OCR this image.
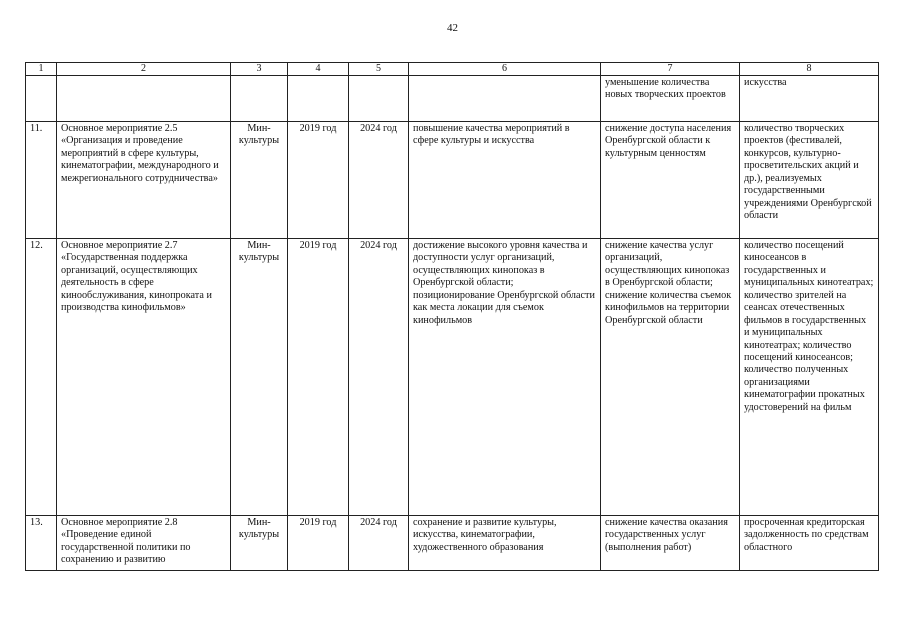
42
1	2	3	4	5	6	7	8
						уменьшение количества новых творческих проектов	искусства
11.	Основное мероприятие 2.5 «Организация и проведение мероприятий в сфере культуры, кинематографии, международного и межрегионального сотрудничества»	Мин-культуры	2019 год	2024 год	повышение качества мероприятий в сфере культуры и искусства	снижение доступа населения Оренбургской области к культурным ценностям	количество творческих проектов (фестивалей, конкурсов, культурно-просветительских акций и др.), реализуемых государственными учреждениями Оренбургской области
12.	Основное мероприятие 2.7 «Государственная поддержка организаций, осуществляющих деятельность в сфере кинообслуживания, кинопроката и производства кинофильмов»	Мин-культуры	2019 год	2024 год	достижение высокого уровня качества и доступности услуг организаций, осуществляющих кинопоказ в Оренбургской области; позиционирование Оренбургской области как места локации для съемок кинофильмов	снижение качества услуг организаций, осуществляющих кинопоказ в Оренбургской области; снижение количества съемок кинофильмов на территории Оренбургской области	количество посещений киносеансов в государственных и муниципальных кинотеатрах; количество зрителей на сеансах отечественных фильмов в государственных и муниципальных кинотеатрах; количество посещений киносеансов; количество полученных организациями кинематографии прокатных удостоверений на фильм
13.	Основное мероприятие 2.8 «Проведение единой государственной политики по сохранению и развитию	Мин-культуры	2019 год	2024 год	сохранение и развитие культуры, искусства, кинематографии, художественного образования	снижение качества оказания государственных услуг (выполнения работ)	просроченная кредиторская задолженность по средствам областного
